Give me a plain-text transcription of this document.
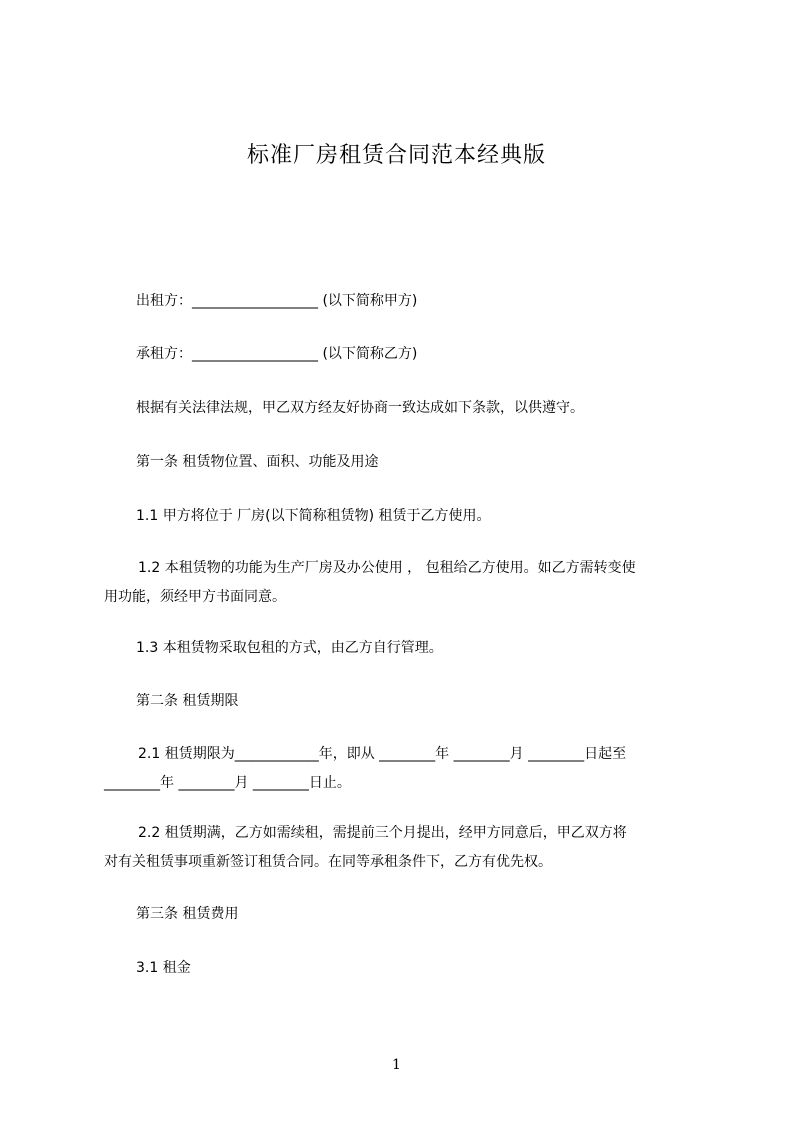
标准厂房租赁合同范本经典版
出租方：__________________ (以下简称甲方)
承租方：__________________ (以下简称乙方)
根据有关法律法规，甲乙双方经友好协商一致达成如下条款，以供遵守。
第一条 租赁物位置、面积、功能及用途
1.1 甲方将位于 厂房(以下简称租赁物) 租赁于乙方使用。
1.2 本租赁物的功能为生产厂房及办公使用 ， 包租给乙方使用。如乙方需转变使
用功能，须经甲方书面同意。
1.3 本租赁物采取包租的方式，由乙方自行管理。
第二条 租赁期限
2.1 租赁期限为____________年，即从 ________年 ________月 ________日起至
________年 ________月 ________日止。
2.2 租赁期满，乙方如需续租，需提前三个月提出，经甲方同意后，甲乙双方将
对有关租赁事项重新签订租赁合同。在同等承租条件下，乙方有优先权。
第三条 租赁费用
3.1 租金
1
